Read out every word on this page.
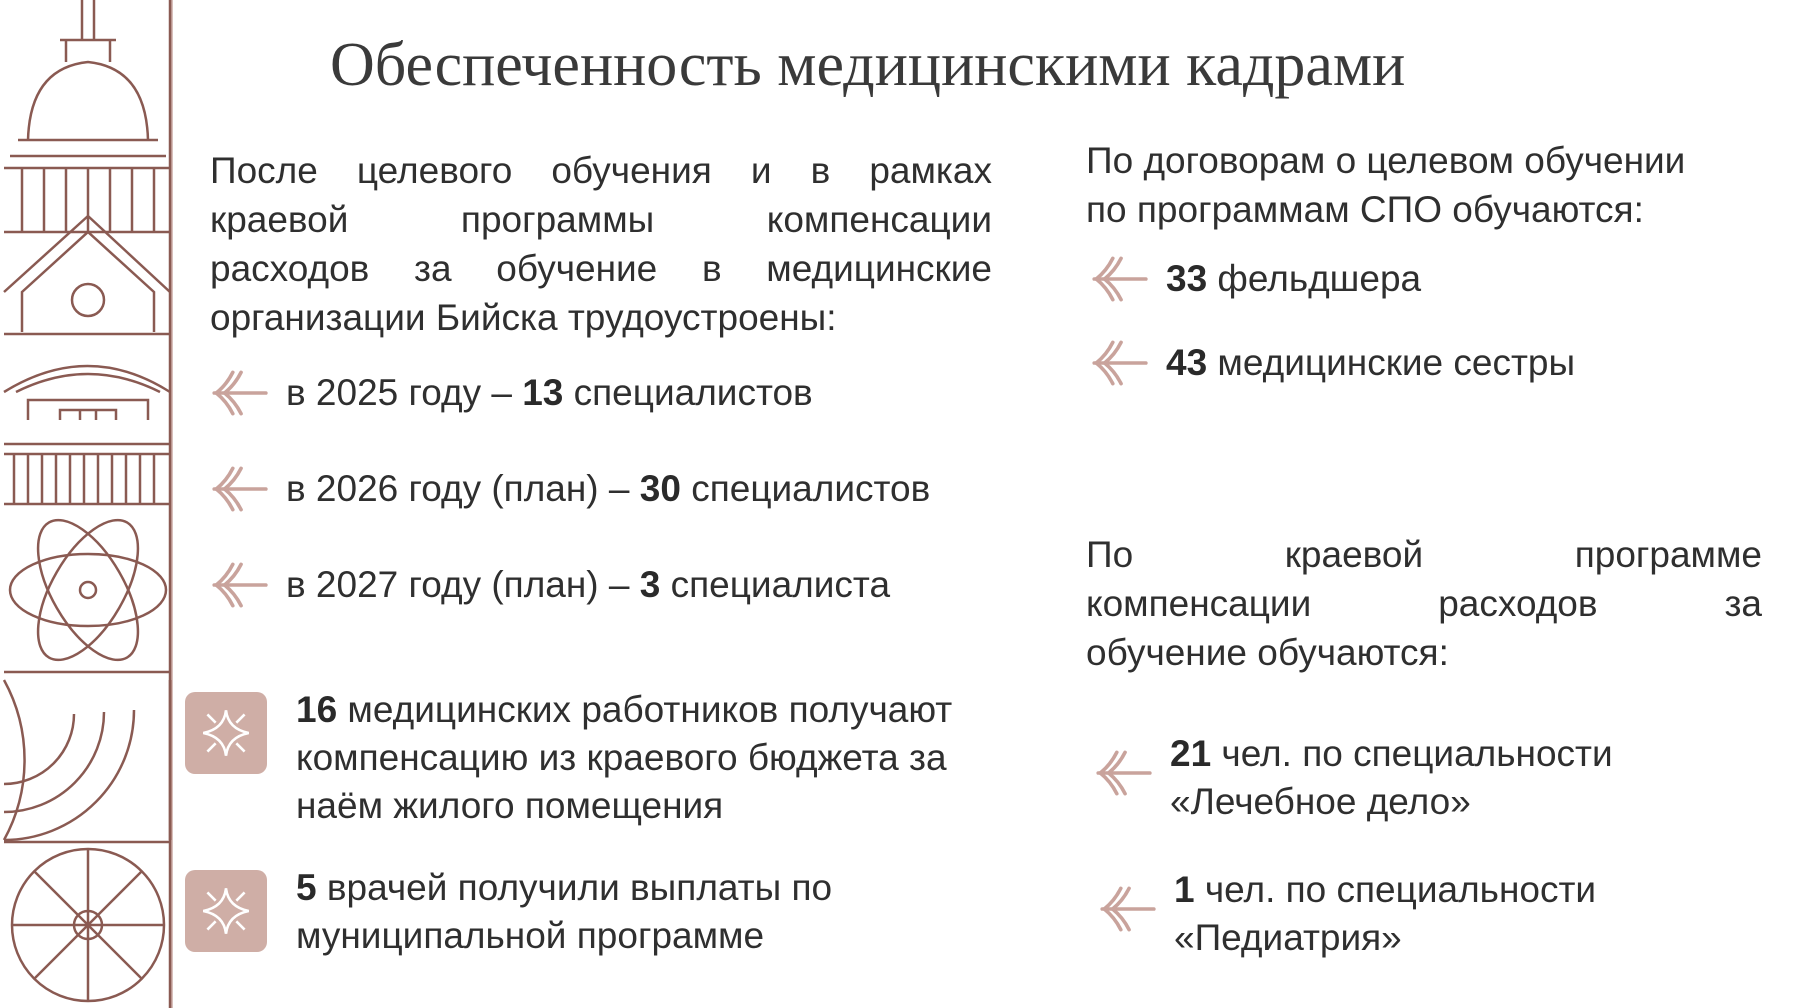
Обеспеченность медицинскими кадрами
После целевого обучения и в рамках
краевой программы компенсации
расходов за обучение в медицинские
организации Бийска трудоустроены:
в 2025 году – 13 специалистов
в 2026 году (план) – 30 специалистов
в 2027 году (план) – 3 специалиста
16 медицинских работников получают
компенсацию из краевого бюджета за
наём жилого помещения
5 врачей получили выплаты по
муниципальной программе
По договорам о целевом обучении
по программам СПО обучаются:
33 фельдшера
43 медицинские сестры
По краевой программе
компенсации расходов за
обучение обучаются:
21 чел. по специальности
«Лечебное дело»
1 чел. по специальности
«Педиатрия»
